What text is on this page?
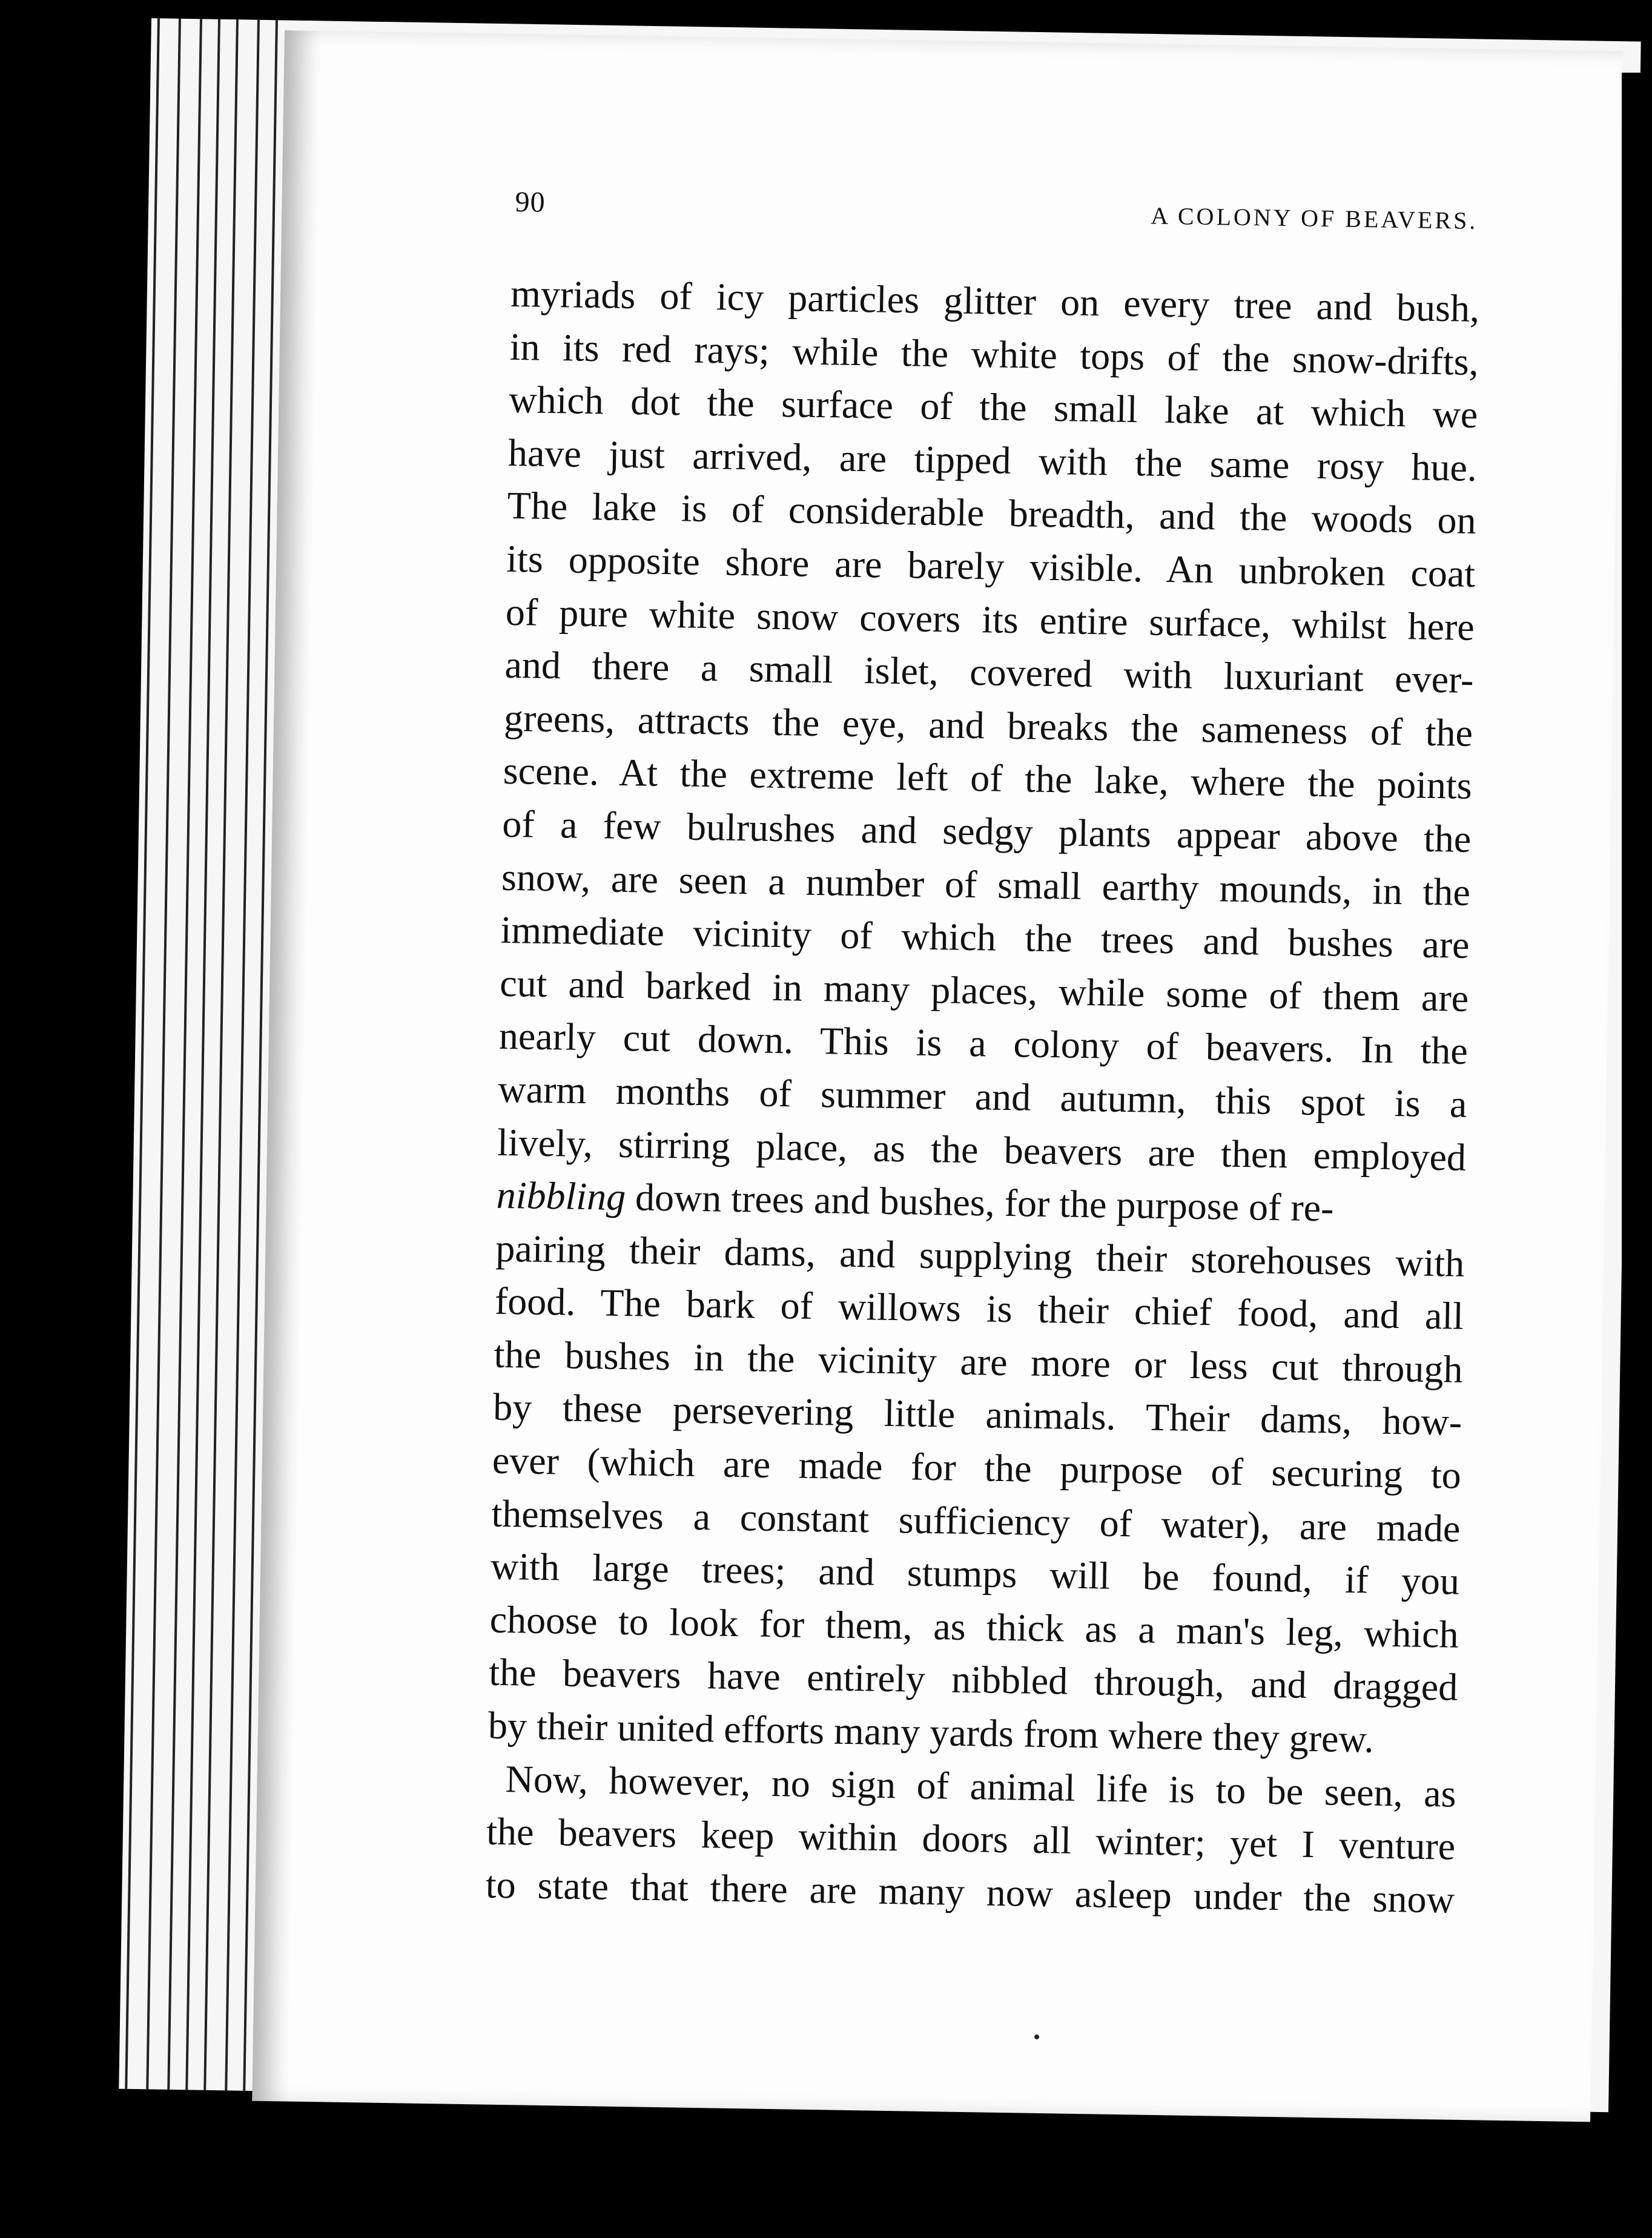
90	A COLONY OF BEAVERS.
myriads of icy particles glitter on every tree and bush,
in its red rays; while the white tops of the snow-drifts,
which dot the surface of the small lake at which we
have just arrived, are tipped with the same rosy hue.
The lake is of considerable breadth, and the woods on
its opposite shore are barely visible. An unbroken coat
of pure white snow covers its entire surface, whilst here
and there a small islet, covered with luxuriant ever-
greens, attracts the eye, and breaks the sameness of the
scene. At the extreme left of the lake, where the points
of a few bulrushes and sedgy plants appear above the
snow, are seen a number of small earthy mounds, in the
immediate vicinity of which the trees and bushes are
cut and barked in many places, while some of them are
nearly cut down. This is a colony of beavers. In the
warm months of summer and autumn, this spot is a
lively, stirring place, as the beavers are then employed
nibbling down trees and bushes, for the purpose of re-
pairing their dams, and supplying their storehouses with
food. The bark of willows is their chief food, and all
the bushes in the vicinity are more or less cut through
by these persevering little animals. Their dams, how-
ever (which are made for the purpose of securing to
themselves a constant sufficiency of water), are made
with large trees; and stumps will be found, if you
choose to look for them, as thick as a man's leg, which
the beavers have entirely nibbled through, and dragged
by their united efforts many yards from where they grew.
Now, however, no sign of animal life is to be seen, as
the beavers keep within doors all winter; yet I venture
to state that there are many now asleep under the snow
